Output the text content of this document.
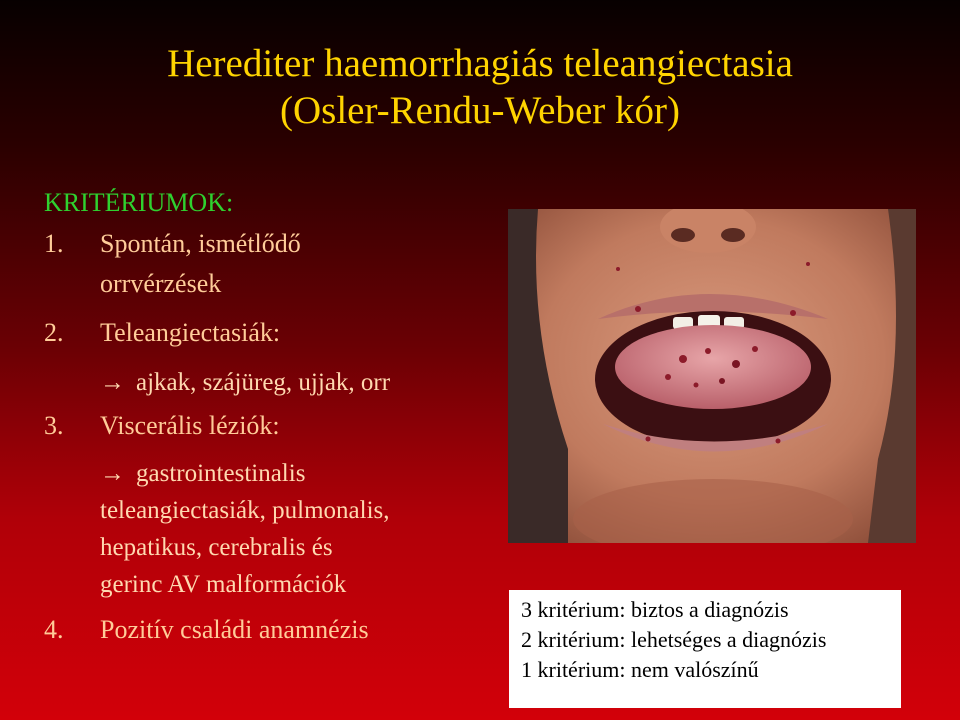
Herediter haemorrhagiás teleangiectasia
(Osler-Rendu-Weber kór)
KRITÉRIUMOK:
1. Spontán, ismétlődő
orrvérzések
2. Teleangiectasiák:
→ ajkak, szájüreg, ujjak, orr
3. Viscerális léziók:
→ gastrointestinalis
teleangiectasiák, pulmonalis,
hepatikus, cerebralis és
gerinc AV malformációk
4. Pozitív családi anamnézis
3 kritérium: biztos a diagnózis
2 kritérium: lehetséges a diagnózis
1 kritérium: nem valószínű
